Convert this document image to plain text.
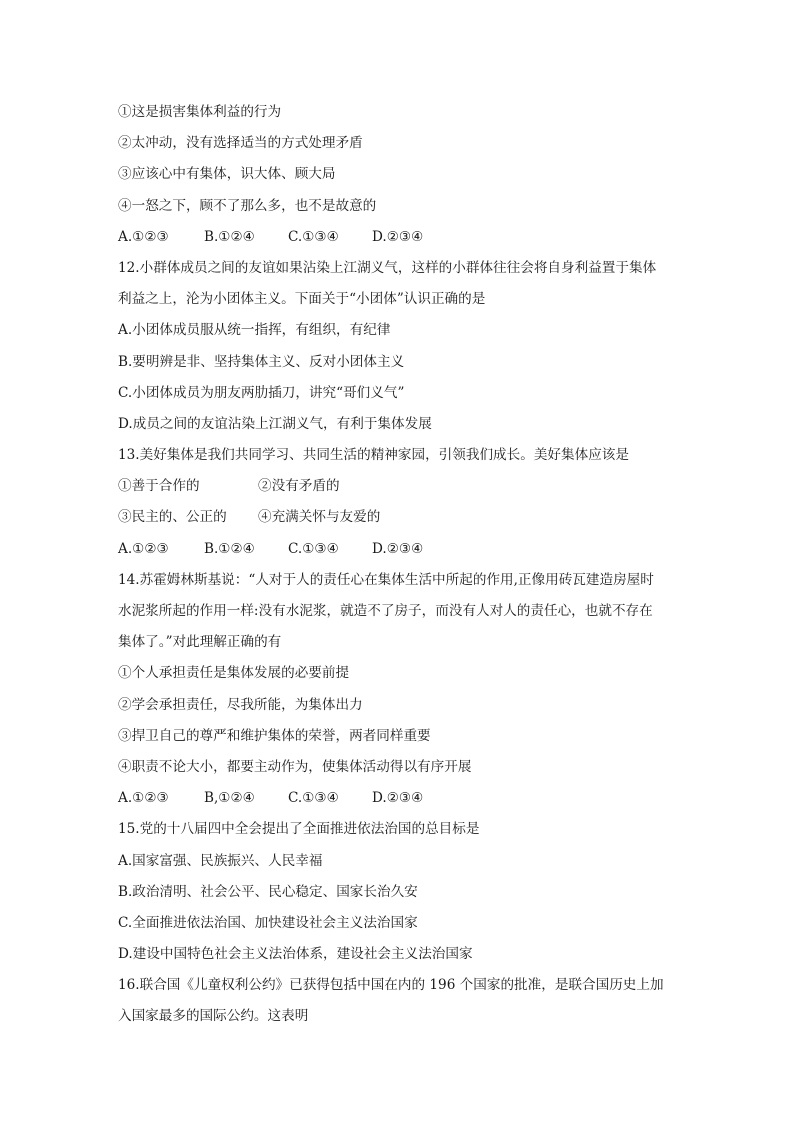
①这是损害集体利益的行为
②太冲动，没有选择适当的方式处理矛盾
③应该心中有集体，识大体、顾大局
④一怒之下，顾不了那么多，也不是故意的
A.①②③	B.①②④ C.①③④ D.②③④
12.小群体成员之间的友谊如果沾染上江湖义气，这样的小群体往往会将自身利益置于集体
利益之上，沦为小团体主义。下面关于“小团体”认识正确的是
A.小团体成员服从统一指挥，有组织，有纪律
B.要明辨是非、坚持集体主义、反对小团体主义
C.小团体成员为朋友两肋插刀，讲究“哥们义气”
D.成员之间的友谊沾染上江湖义气，有利于集体发展
13.美好集体是我们共同学习、共同生活的精神家园，引领我们成长。美好集体应该是
①善于合作的	②没有矛盾的
③民主的、公正的 ④充满关怀与友爱的
A.①②③	B.①②④ C.①③④ D.②③④
14.苏霍姆林斯基说：“人对于人的责任心在集体生活中所起的作用,正像用砖瓦建造房屋时
水泥浆所起的作用一样:没有水泥浆，就造不了房子，而没有人对人的责任心，也就不存在
集体了。”对此理解正确的有
①个人承担责任是集体发展的必要前提
②学会承担责任，尽我所能，为集体出力
③捍卫自己的尊严和维护集体的荣誉，两者同样重要
④职责不论大小，都要主动作为，使集体活动得以有序开展
A.①②③	B,①②④ C.①③④ D.②③④
15.党的十八届四中全会提出了全面推进依法治国的总目标是
A.国家富强、民族振兴、人民幸福
B.政治清明、社会公平、民心稳定、国家长治久安
C.全面推进依法治国、加快建设社会主义法治国家
D.建设中国特色社会主义法治体系，建设社会主义法治国家
16.联合国《儿童权利公约》已获得包括中国在内的 196 个国家的批准，是联合国历史上加
入国家最多的国际公约。这表明
